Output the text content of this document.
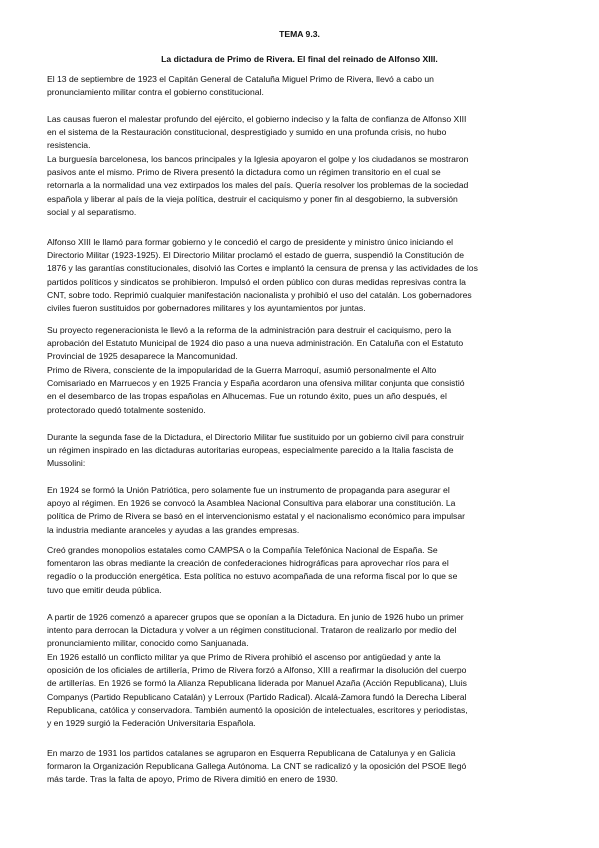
TEMA 9.3.
La dictadura de Primo de Rivera. El final del reinado de Alfonso XIII.

El 13 de septiembre de 1923 el Capitán General de Cataluña Miguel Primo de Rivera, llevó a cabo un
pronunciamiento militar contra el gobierno constitucional.

Las causas fueron el malestar profundo del ejército, el gobierno indeciso y la falta de confianza de Alfonso XIII
en el sistema de la Restauración constitucional, desprestigiado y sumido en una profunda crisis, no hubo
resistencia.

La burguesía barcelonesa, los bancos principales y la Iglesia apoyaron el golpe y los ciudadanos se mostraron
pasivos ante el mismo. Primo de Rivera presentó la dictadura como un régimen transitorio en el cual se
retornarla a la normalidad una vez extirpados los males del país. Quería resolver los problemas de la sociedad
española y liberar al país de la vieja política, destruir el caciquismo y poner fin al desgobierno, la subversión
social y al separatismo.

Alfonso XIII le llamó para formar gobierno y le concedió el cargo de presidente y ministro único iniciando el
Directorio Militar (1923-1925). El Directorio Militar proclamó el estado de guerra, suspendió la Constitución de
1876 y las garantías constitucionales, disolvió las Cortes e implantó la censura de prensa y las actividades de los
partidos políticos y sindicatos se prohibieron. Impulsó el orden público con duras medidas represivas contra la
CNT, sobre todo. Reprimió cualquier manifestación nacionalista y prohibió el uso del catalán. Los gobernadores
civiles fueron sustituidos por gobernadores militares y los ayuntamientos por juntas.

Su proyecto regeneracionista le llevó a la reforma de la administración para destruir el caciquismo, pero la
aprobación del Estatuto Municipal de 1924 dio paso a una nueva administración. En Cataluña con el Estatuto
Provincial de 1925 desaparece la Mancomunidad.

Primo de Rivera, consciente de la impopularidad de la Guerra Marroquí, asumió personalmente el Alto
Comisariado en Marruecos y en 1925 Francia y España acordaron una ofensiva militar conjunta que consistió
en el desembarco de las tropas españolas en Alhucemas. Fue un rotundo éxito, pues un año después, el
protectorado quedó totalmente sostenido.

Durante la segunda fase de la Dictadura, el Directorio Militar fue sustituido por un gobierno civil para construir
un régimen inspirado en las dictaduras autoritarias europeas, especialmente parecido a la Italia fascista de
Mussolini:

En 1924 se formó la Unión Patriótica, pero solamente fue un instrumento de propaganda para asegurar el
apoyo al régimen. En 1926 se convocó la Asamblea Nacional Consultiva para elaborar una constitución. La
política de Primo de Rivera se basó en el intervencionismo estatal y el nacionalismo económico para impulsar
la industria mediante aranceles y ayudas a las grandes empresas.

Creó grandes monopolios estatales como CAMPSA o la Compañía Telefónica Nacional de España. Se
fomentaron las obras mediante la creación de confederaciones hidrográficas para aprovechar ríos para el
regadío o la producción energética. Esta política no estuvo acompañada de una reforma fiscal por lo que se
tuvo que emitir deuda pública.

A partir de 1926 comenzó a aparecer grupos que se oponían a la Dictadura. En junio de 1926 hubo un primer
intento para derrocan la Dictadura y volver a un régimen constitucional. Trataron de realizarlo por medio del
pronunciamiento militar, conocido como Sanjuanada.

En 1926 estalló un conflicto militar ya que Primo de Rivera prohibió el ascenso por antigüedad y ante la
oposición de los oficiales de artillería, Primo de Rivera forzó a Alfonso, XIII a reafirmar la disolución del cuerpo
de artillerías. En 1926 se formó la Alianza Republicana liderada por Manuel Azaña (Acción Republicana), Lluis
Companys (Partido Republicano Catalán) y Lerroux (Partido Radical). Alcalá-Zamora fundó la Derecha Liberal
Republicana, católica y conservadora. También aumentó la oposición de intelectuales, escritores y periodistas,
y en 1929 surgió la Federación Universitaria Española.

En marzo de 1931 los partidos catalanes se agruparon en Esquerra Republicana de Catalunya y en Galicia
formaron la Organización Republicana Gallega Autónoma. La CNT se radicalizó y la oposición del PSOE llegó
más tarde. Tras la falta de apoyo, Primo de Rivera dimitió en enero de 1930.
